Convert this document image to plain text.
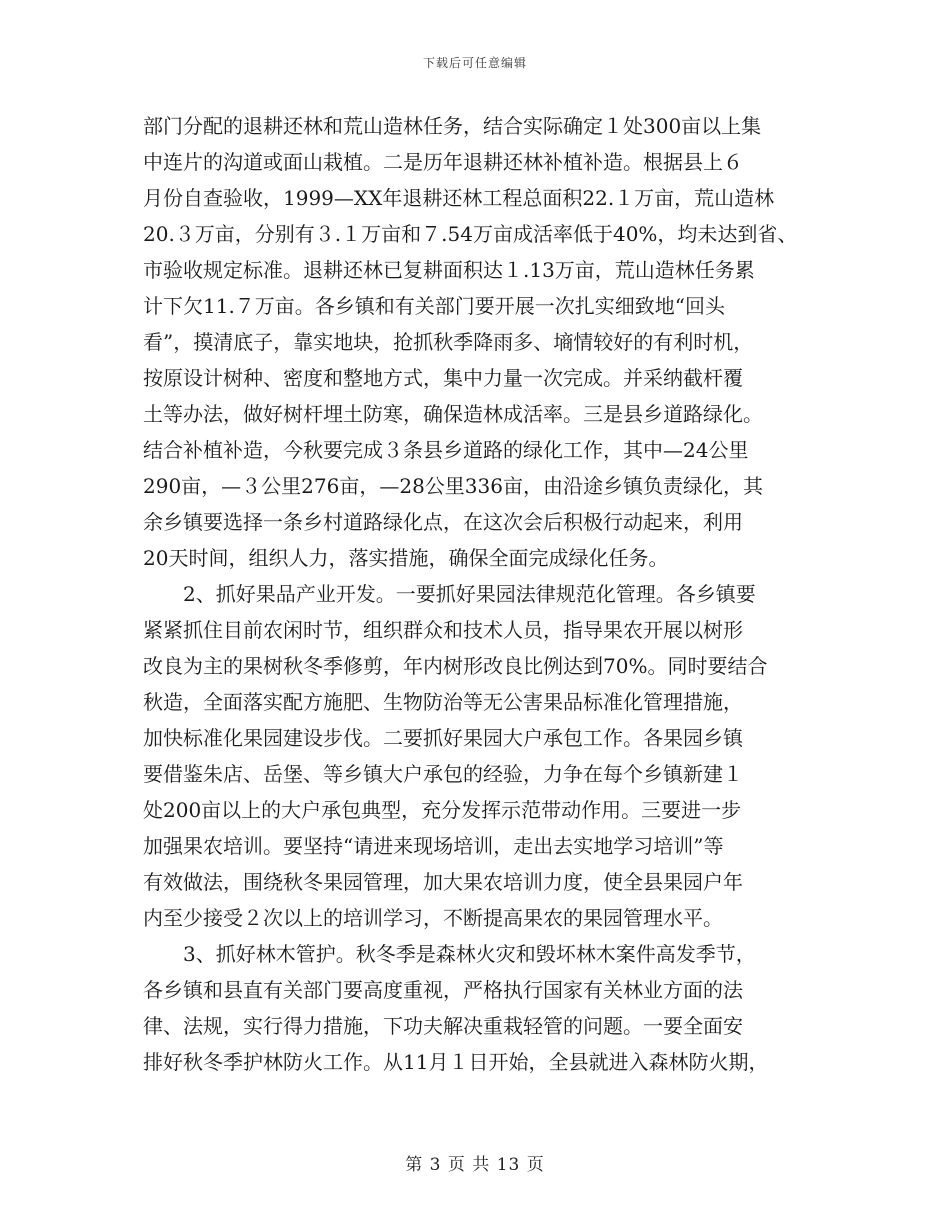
下载后可任意编辑
部门分配的退耕还林和荒山造林任务，结合实际确定１处300亩以上集
中连片的沟道或面山栽植。二是历年退耕还林补植补造。根据县上６
月份自查验收，1999—XX年退耕还林工程总面积22.１万亩，荒山造林
20.３万亩，分别有３.１万亩和７.54万亩成活率低于40%，均未达到省、
市验收规定标准。退耕还林已复耕面积达１.13万亩，荒山造林任务累
计下欠11.７万亩。各乡镇和有关部门要开展一次扎实细致地“回头
看”，摸清底子，靠实地块，抢抓秋季降雨多、墒情较好的有利时机，
按原设计树种、密度和整地方式，集中力量一次完成。并采纳截杆覆
土等办法，做好树杆埋土防寒，确保造林成活率。三是县乡道路绿化。
结合补植补造，今秋要完成３条县乡道路的绿化工作，其中—24公里
290亩，—３公里276亩，—28公里336亩，由沿途乡镇负责绿化，其
余乡镇要选择一条乡村道路绿化点，在这次会后积极行动起来，利用
20天时间，组织人力，落实措施，确保全面完成绿化任务。
　　2、抓好果品产业开发。一要抓好果园法律规范化管理。各乡镇要
紧紧抓住目前农闲时节，组织群众和技术人员，指导果农开展以树形
改良为主的果树秋冬季修剪，年内树形改良比例达到70%。同时要结合
秋造，全面落实配方施肥、生物防治等无公害果品标准化管理措施，
加快标准化果园建设步伐。二要抓好果园大户承包工作。各果园乡镇
要借鉴朱店、岳堡、等乡镇大户承包的经验，力争在每个乡镇新建１
处200亩以上的大户承包典型，充分发挥示范带动作用。三要进一步
加强果农培训。要坚持“请进来现场培训，走出去实地学习培训”等
有效做法，围绕秋冬果园管理，加大果农培训力度，使全县果园户年
内至少接受２次以上的培训学习，不断提高果农的果园管理水平。
　　3、抓好林木管护。秋冬季是森林火灾和毁坏林木案件高发季节，
各乡镇和县直有关部门要高度重视，严格执行国家有关林业方面的法
律、法规，实行得力措施，下功夫解决重栽轻管的问题。一要全面安
排好秋冬季护林防火工作。从11月１日开始，全县就进入森林防火期，
第 3 页 共 13 页
